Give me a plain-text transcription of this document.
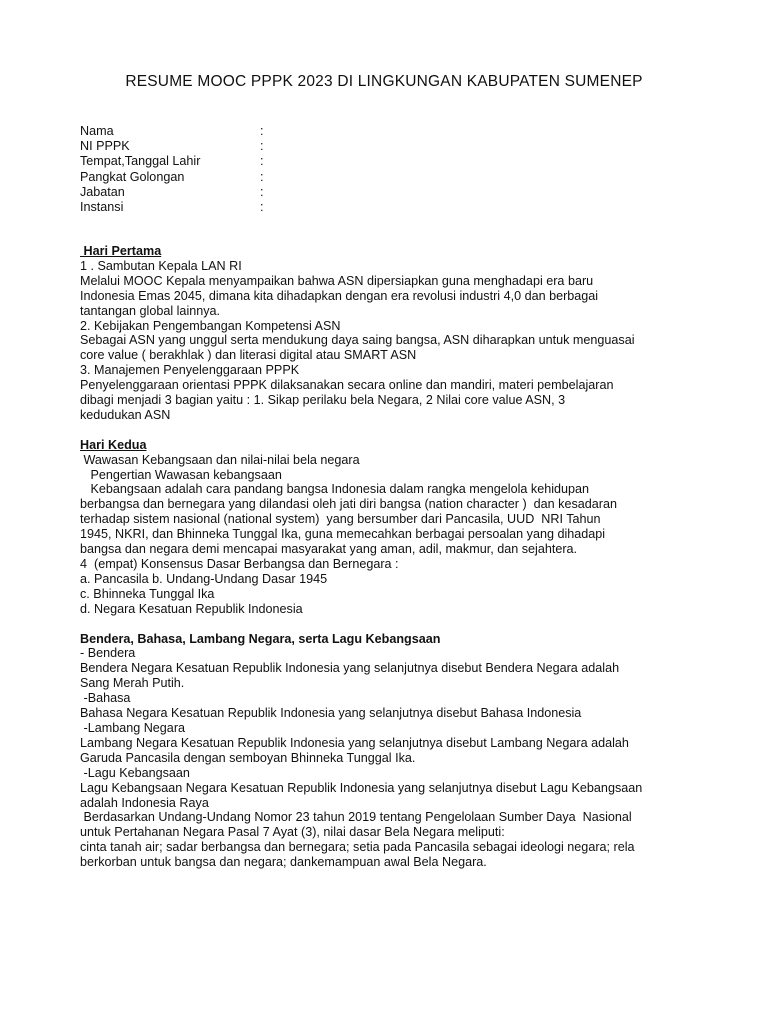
RESUME MOOC PPPK 2023 DI LINGKUNGAN KABUPATEN SUMENEP
Nama	:
NI PPPK	:
Tempat,Tanggal Lahir	:
Pangkat Golongan	:
Jabatan	:
Instansi	:
Hari Pertama
1 . Sambutan Kepala LAN RI
Melalui MOOC Kepala menyampaikan bahwa ASN dipersiapkan guna menghadapi era baru
Indonesia Emas 2045, dimana kita dihadapkan dengan era revolusi industri 4,0 dan berbagai
tantangan global lainnya.
2. Kebijakan Pengembangan Kompetensi ASN
Sebagai ASN yang unggul serta mendukung daya saing bangsa, ASN diharapkan untuk menguasai
core value ( berakhlak ) dan literasi digital atau SMART ASN
3. Manajemen Penyelenggaraan PPPK
Penyelenggaraan orientasi PPPK dilaksanakan secara online dan mandiri, materi pembelajaran
dibagi menjadi 3 bagian yaitu : 1. Sikap perilaku bela Negara, 2 Nilai core value ASN, 3
kedudukan ASN
Hari Kedua
Wawasan Kebangsaan dan nilai-nilai bela negara
Pengertian Wawasan kebangsaan
Kebangsaan adalah cara pandang bangsa Indonesia dalam rangka mengelola kehidupan
berbangsa dan bernegara yang dilandasi oleh jati diri bangsa (nation character )  dan kesadaran
terhadap sistem nasional (national system)  yang bersumber dari Pancasila, UUD  NRI Tahun
1945, NKRI, dan Bhinneka Tunggal Ika, guna memecahkan berbagai persoalan yang dihadapi
bangsa dan negara demi mencapai masyarakat yang aman, adil, makmur, dan sejahtera.
4  (empat) Konsensus Dasar Berbangsa dan Bernegara :
a. Pancasila b. Undang-Undang Dasar 1945
c. Bhinneka Tunggal Ika
d. Negara Kesatuan Republik Indonesia
Bendera, Bahasa, Lambang Negara, serta Lagu Kebangsaan
- Bendera
Bendera Negara Kesatuan Republik Indonesia yang selanjutnya disebut Bendera Negara adalah
Sang Merah Putih.
-Bahasa
Bahasa Negara Kesatuan Republik Indonesia yang selanjutnya disebut Bahasa Indonesia
-Lambang Negara
Lambang Negara Kesatuan Republik Indonesia yang selanjutnya disebut Lambang Negara adalah
Garuda Pancasila dengan semboyan Bhinneka Tunggal Ika.
-Lagu Kebangsaan
Lagu Kebangsaan Negara Kesatuan Republik Indonesia yang selanjutnya disebut Lagu Kebangsaan
adalah Indonesia Raya
Berdasarkan Undang-Undang Nomor 23 tahun 2019 tentang Pengelolaan Sumber Daya  Nasional
untuk Pertahanan Negara Pasal 7 Ayat (3), nilai dasar Bela Negara meliputi:
cinta tanah air; sadar berbangsa dan bernegara; setia pada Pancasila sebagai ideologi negara; rela
berkorban untuk bangsa dan negara; dankemampuan awal Bela Negara.
